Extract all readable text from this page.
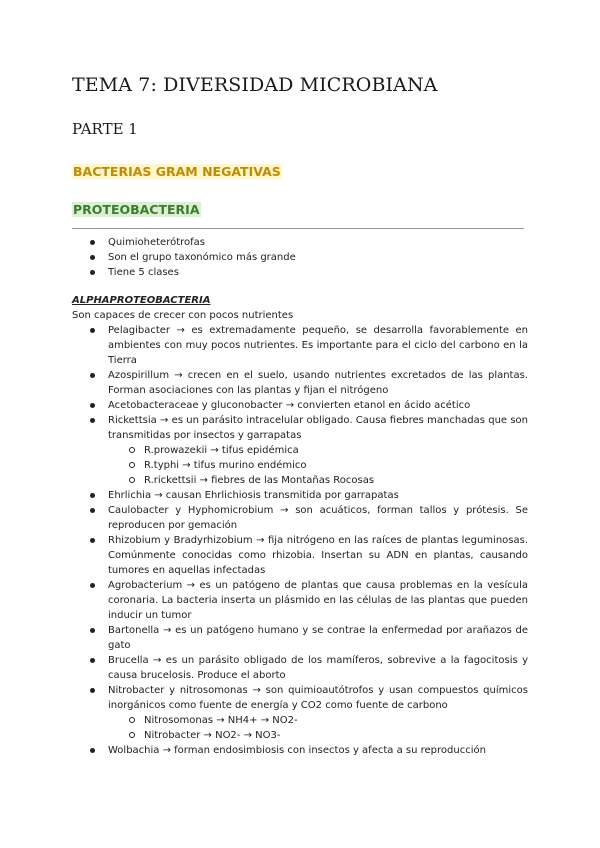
TEMA 7: DIVERSIDAD MICROBIANA
PARTE 1
BACTERIAS GRAM NEGATIVAS
PROTEOBACTERIA
Quimioheterótrofas
Son el grupo taxonómico más grande
Tiene 5 clases
ALPHAPROTEOBACTERIA
Son capaces de crecer con pocos nutrientes
Pelagibacter → es extremadamente pequeño, se desarrolla favorablemente en ambientes con muy pocos nutrientes. Es importante para el ciclo del carbono en la Tierra
Azospirillum → crecen en el suelo, usando nutrientes excretados de las plantas. Forman asociaciones con las plantas y fijan el nitrógeno
Acetobacteraceae y gluconobacter → convierten etanol en ácido acético
Rickettsia → es un parásito intracelular obligado. Causa fiebres manchadas que son transmitidas por insectos y garrapatas
R.prowazekii → tifus epidémica
R.typhi → tifus murino endémico
R.rickettsii → fiebres de las Montañas Rocosas
Ehrlichia → causan Ehrlichiosis transmitida por garrapatas
Caulobacter y Hyphomicrobium → son acuáticos, forman tallos y prótesis. Se reproducen por gemación
Rhizobium y Bradyrhizobium → fija nitrógeno en las raíces de plantas leguminosas. Comúnmente conocidas como rhizobia. Insertan su ADN en plantas, causando tumores en aquellas infectadas
Agrobacterium → es un patógeno de plantas que causa problemas en la vesícula coronaria. La bacteria inserta un plásmido en las células de las plantas que pueden inducir un tumor
Bartonella → es un patógeno humano y se contrae la enfermedad por arañazos de gato
Brucella → es un parásito obligado de los mamíferos, sobrevive a la fagocitosis y causa brucelosis. Produce el aborto
Nitrobacter y nitrosomonas → son quimioautótrofos y usan compuestos químicos inorgánicos como fuente de energía y CO2 como fuente de carbono
Nitrosomonas → NH4+ → NO2-
Nitrobacter → NO2- → NO3-
Wolbachia → forman endosimbiosis con insectos y afecta a su reproducción
